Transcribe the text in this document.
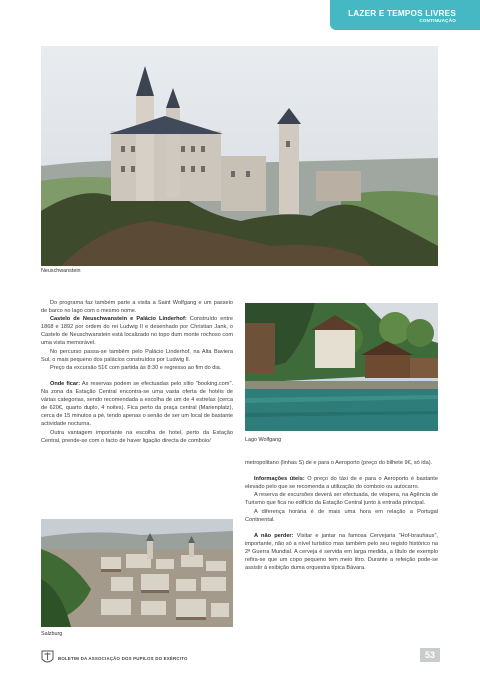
LAZER E TEMPOS LIVRES
CONTINUAÇÃO
Neuschwanstein

Do programa faz também parte a visita a Saint Wolfgang e um passeio de barco no lago com o mesmo nome.

Castelo de Neuschwanstein e Palácio Linderhof: Construído entre 1868 e 1892 por ordem do rei Ludwig II e desenhado por Christian Jank, o Castelo de Neuschwanstein está localizado no topo dum monte rochoso com uma vista memorável.

No percurso passa-se também pelo Palácio Linderhof, na Alta Baviera Sul, o mais pequeno dos palácios construídos por Ludwig II.

Preço da excursão 51€ com partida às 8:30 e regresso ao fim do dia.

Onde ficar: As reservas podem se efectuadas pelo sítio "booking.com". Na zona da Estação Central encontra-se uma vasta oferta de hotéis de várias categorias, sendo recomendada a escolha de um de 4 estrelas (cerca de 620€, quarto duplo, 4 noites). Fica perto da praça central (Marienplatz), cerca de 15 minutos a pé, tendo apenas o senão de ser um local de bastante actividade nocturna.

Outra vantagem importante na escolha de hotel, perto da Estação Central, prende-se com o facto de haver ligação directa de comboio/	Lago Wolfgang

metropolitano (linhas S) de e para o Aeroporto (preço do bilhete 9€, só ida).

Informações úteis: O preço do táxi de e para o Aeroporto é bastante elevado pelo que se recomenda a utilização do comboio ou autocarro.

A reserva de excursões deverá ser efectuada, de véspera, na Agência de Turismo que fica no edifício da Estação Central junto à entrada principal.

A diferença horária é de mais uma hora em relação a Portugal Continental.

A não perder: Visitar e jantar na famosa Cervejaria "Hof-brauhaus", importante, não só a nível turístico mas também pelo seu registo histórico na 2ª Guerra Mundial. A cerveja é servida em larga medida, a título de exemplo refira-se que um copo pequeno tem meio litro. Durante a refeição pode-se assistir à exibição duma orquestra típica Bávara.

Salzburg
BOLETIM DA ASSOCIAÇÃO DOS PUPILOS DO EXÉRCITO	53
